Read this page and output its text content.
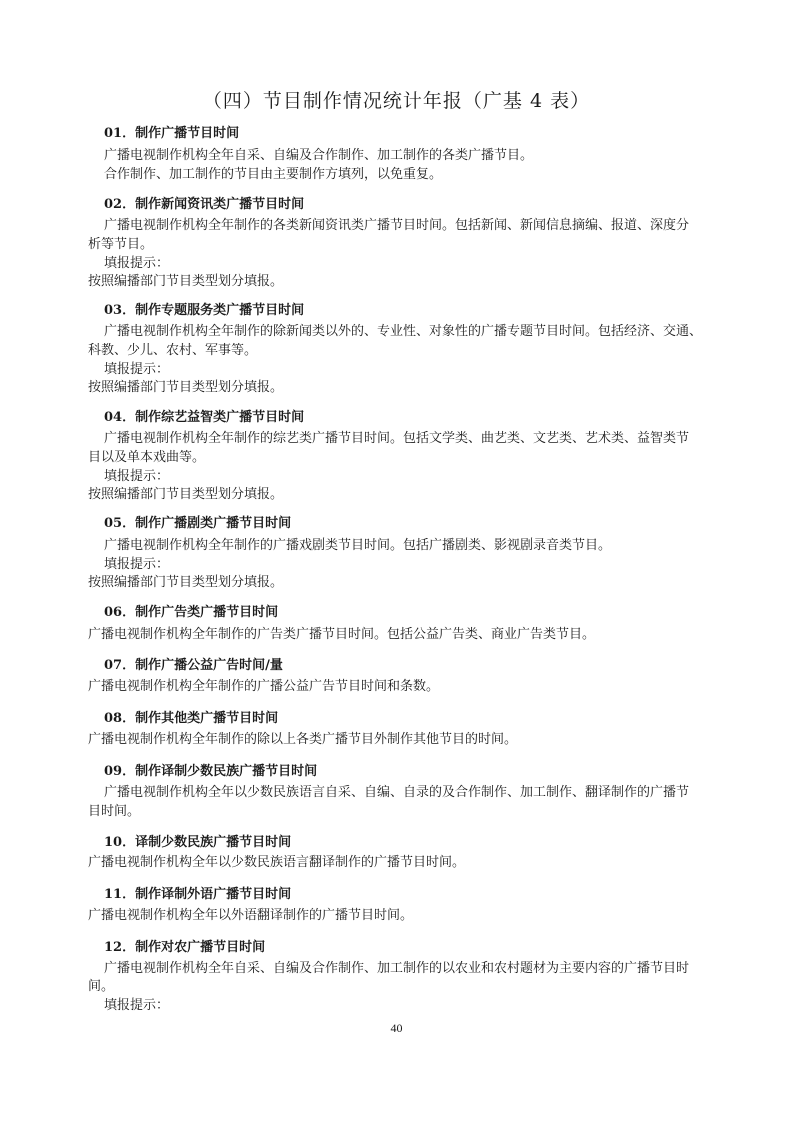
（四）节目制作情况统计年报（广基 4 表）
01．制作广播节目时间

广播电视制作机构全年自采、自编及合作制作、加工制作的各类广播节目。

合作制作、加工制作的节目由主要制作方填列，以免重复。

02．制作新闻资讯类广播节目时间

广播电视制作机构全年制作的各类新闻资讯类广播节目时间。包括新闻、新闻信息摘编、报道、深度分

析等节目。

填报提示：

按照编播部门节目类型划分填报。

03．制作专题服务类广播节目时间

广播电视制作机构全年制作的除新闻类以外的、专业性、对象性的广播专题节目时间。包括经济、交通、

科教、少儿、农村、军事等。

填报提示：

按照编播部门节目类型划分填报。

04．制作综艺益智类广播节目时间

广播电视制作机构全年制作的综艺类广播节目时间。包括文学类、曲艺类、文艺类、艺术类、益智类节

目以及单本戏曲等。

填报提示：

按照编播部门节目类型划分填报。

05．制作广播剧类广播节目时间

广播电视制作机构全年制作的广播戏剧类节目时间。包括广播剧类、影视剧录音类节目。

填报提示：

按照编播部门节目类型划分填报。

06．制作广告类广播节目时间

广播电视制作机构全年制作的广告类广播节目时间。包括公益广告类、商业广告类节目。

07．制作广播公益广告时间/量

广播电视制作机构全年制作的广播公益广告节目时间和条数。

08．制作其他类广播节目时间

广播电视制作机构全年制作的除以上各类广播节目外制作其他节目的时间。

09．制作译制少数民族广播节目时间

广播电视制作机构全年以少数民族语言自采、自编、自录的及合作制作、加工制作、翻译制作的广播节

目时间。

10．译制少数民族广播节目时间

广播电视制作机构全年以少数民族语言翻译制作的广播节目时间。

11．制作译制外语广播节目时间

广播电视制作机构全年以外语翻译制作的广播节目时间。

12．制作对农广播节目时间

广播电视制作机构全年自采、自编及合作制作、加工制作的以农业和农村题材为主要内容的广播节目时

间。

填报提示：

40
